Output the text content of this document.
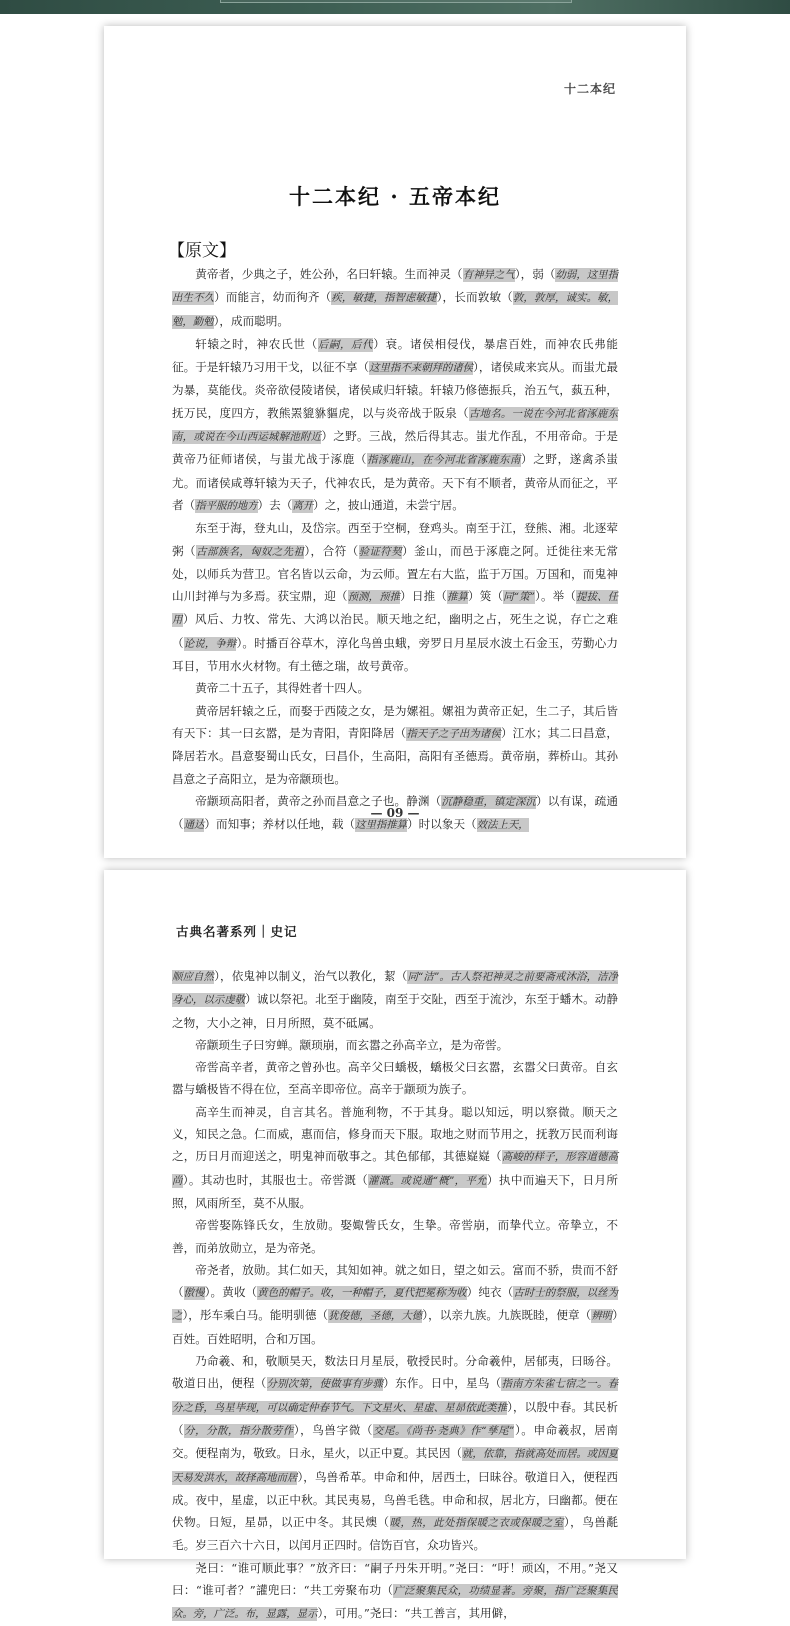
十二本纪
十二本纪 · 五帝本纪
【原文】

黄帝者，少典之子，姓公孙，名曰轩辕。生而神灵（有神异之气），弱（幼弱，这里指出生不久）而能言，幼而徇齐（疾，敏捷，指智虑敏捷），长而敦敏（敦，敦厚，诚实。敏，勉，勤勉），成而聪明。

轩辕之时，神农氏世（后嗣，后代）衰。诸侯相侵伐，暴虐百姓，而神农氏弗能征。于是轩辕乃习用干戈，以征不享（这里指不来朝拜的诸侯），诸侯咸来宾从。而蚩尤最为暴，莫能伐。炎帝欲侵陵诸侯，诸侯咸归轩辕。轩辕乃修德振兵，治五气，蓺五种，抚万民，度四方，教熊罴貔貅貙虎，以与炎帝战于阪泉（古地名。一说在今河北省涿鹿东南，或说在今山西运城解池附近）之野。三战，然后得其志。蚩尤作乱，不用帝命。于是黄帝乃征师诸侯，与蚩尤战于涿鹿（指涿鹿山，在今河北省涿鹿东南）之野，遂禽杀蚩尤。而诸侯咸尊轩辕为天子，代神农氏，是为黄帝。天下有不顺者，黄帝从而征之，平者（指平服的地方）去（离开）之，披山通道，未尝宁居。

东至于海，登丸山，及岱宗。西至于空桐，登鸡头。南至于江，登熊、湘。北逐荤粥（古部族名，匈奴之先祖），合符（验证符契）釜山，而邑于涿鹿之阿。迁徙往来无常处，以师兵为营卫。官名皆以云命，为云师。置左右大监，监于万国。万国和，而鬼神山川封禅与为多焉。获宝鼎，迎（预测，预推）日推（推算）筴（同“策”）。举（提拔、任用）风后、力牧、常先、大鸿以治民。顺天地之纪，幽明之占，死生之说，存亡之难（论说，争辩）。时播百谷草木，淳化鸟兽虫蛾，旁罗日月星辰水波土石金玉，劳勤心力耳目，节用水火材物。有土德之瑞，故号黄帝。

黄帝二十五子，其得姓者十四人。

黄帝居轩辕之丘，而娶于西陵之女，是为嫘祖。嫘祖为黄帝正妃，生二子，其后皆有天下：其一曰玄嚣，是为青阳，青阳降居（指天子之子出为诸侯）江水；其二曰昌意，降居若水。昌意娶蜀山氏女，曰昌仆，生高阳，高阳有圣德焉。黄帝崩，葬桥山。其孙昌意之子高阳立，是为帝颛顼也。

帝颛顼高阳者，黄帝之孙而昌意之子也。静渊（沉静稳重，镇定深沉）以有谋，疏通（通达）而知事；养材以任地，载（这里指推算）时以象天（效法上天，

— 09 —
古典名著系列｜史记

顺应自然），依鬼神以制义，治气以教化，絜（同“洁”。古人祭祀神灵之前要斋戒沐浴，洁净身心，以示虔敬）诚以祭祀。北至于幽陵，南至于交阯，西至于流沙，东至于蟠木。动静之物，大小之神，日月所照，莫不砥属。

帝颛顼生子曰穷蝉。颛顼崩，而玄嚣之孙高辛立，是为帝喾。

帝喾高辛者，黄帝之曾孙也。高辛父曰蟜极，蟜极父曰玄嚣，玄嚣父曰黄帝。自玄嚣与蟜极皆不得在位，至高辛即帝位。高辛于颛顼为族子。

高辛生而神灵，自言其名。普施利物，不于其身。聪以知远，明以察微。顺天之义，知民之急。仁而威，惠而信，修身而天下服。取地之财而节用之，抚教万民而利诲之，历日月而迎送之，明鬼神而敬事之。其色郁郁，其德嶷嶷（高峻的样子，形容道德高尚）。其动也时，其服也士。帝喾溉（灌溉。或说通“概”，平允）执中而遍天下，日月所照，风雨所至，莫不从服。

帝喾娶陈锋氏女，生放勋。娶娵訾氏女，生挚。帝喾崩，而挚代立。帝挚立，不善，而弟放勋立，是为帝尧。

帝尧者，放勋。其仁如天，其知如神。就之如日，望之如云。富而不骄，贵而不舒（傲慢）。黄收（黄色的帽子。收，一种帽子，夏代把冕称为收）纯衣（古时士的祭服，以丝为之），彤车乘白马。能明驯德（犹俊德，圣德，大德），以亲九族。九族既睦，便章（辨明）百姓。百姓昭明，合和万国。

乃命羲、和，敬顺昊天，数法日月星辰，敬授民时。分命羲仲，居郁夷，曰旸谷。敬道日出，便程（分别次第，使做事有步骤）东作。日中，星鸟（指南方朱雀七宿之一。春分之昏，鸟星毕现，可以确定仲春节气。下文星火、星虚、星昴依此类推），以殷中春。其民析（分，分散，指分散劳作），鸟兽字微（交尾。《尚书·尧典》作“孳尾”）。申命羲叔，居南交。便程南为，敬致。日永，星火，以正中夏。其民因（就，依靠，指就高处而居。或因夏天易发洪水，故择高地而居），鸟兽希革。申命和仲，居西土，曰昧谷。敬道日入，便程西成。夜中，星虚，以正中秋。其民夷易，鸟兽毛毨。申命和叔，居北方，曰幽都。便在伏物。日短，星昴，以正中冬。其民燠（暖，热，此处指保暖之衣或保暖之室），鸟兽氄毛。岁三百六十六日，以闰月正四时。信饬百官，众功皆兴。

尧曰：“谁可顺此事？”放齐曰：“嗣子丹朱开明。”尧曰：“吁！顽凶，不用。”尧又曰：“谁可者？”讙兜曰：“共工旁聚布功（广泛聚集民众，功绩显著。旁聚，指广泛聚集民众。旁，广泛。布，显露，显示），可用。”尧曰：“共工善言，其用僻，
